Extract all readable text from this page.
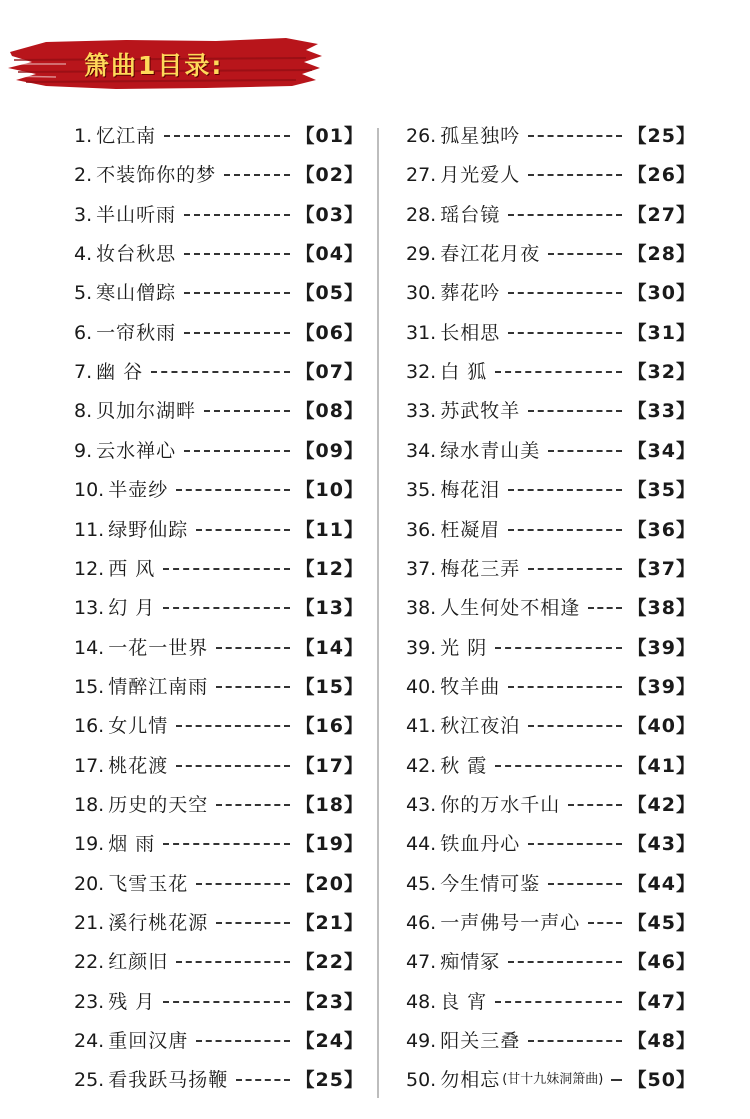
箫曲1目录:
1. 忆江南	【01】
2. 不装饰你的梦	【02】
3. 半山听雨	【03】
4. 妆台秋思	【04】
5. 寒山僧踪	【05】
6. 一帘秋雨	【06】
7. 幽 谷	【07】
8. 贝加尔湖畔	【08】
9. 云水禅心	【09】
10. 半壶纱	【10】
11. 绿野仙踪	【11】
12. 西 风	【12】
13. 幻 月	【13】
14. 一花一世界	【14】
15. 情醉江南雨	【15】
16. 女儿情	【16】
17. 桃花渡	【17】
18. 历史的天空	【18】
19. 烟 雨	【19】
20. 飞雪玉花	【20】
21. 溪行桃花源	【21】
22. 红颜旧	【22】
23. 残 月	【23】
24. 重回汉唐	【24】
25. 看我跃马扬鞭	【25】
26. 孤星独吟	【25】
27. 月光爱人	【26】
28. 瑶台镜	【27】
29. 春江花月夜	【28】
30. 葬花吟	【30】
31. 长相思	【31】
32. 白 狐	【32】
33. 苏武牧羊	【33】
34. 绿水青山美	【34】
35. 梅花泪	【35】
36. 枉凝眉	【36】
37. 梅花三弄	【37】
38. 人生何处不相逢 【38】
39. 光 阴	【39】
40. 牧羊曲	【39】
41. 秋江夜泊	【40】
42. 秋 霞	【41】
43. 你的万水千山	【42】
44. 铁血丹心	【43】
45. 今生情可鉴	【44】
46. 一声佛号一声心 【45】
47. 痴情冢	【46】
48. 良 宵	【47】
49. 阳关三叠	【48】
50. 勿相忘 (甘十九妹洞箫曲) 【50】
